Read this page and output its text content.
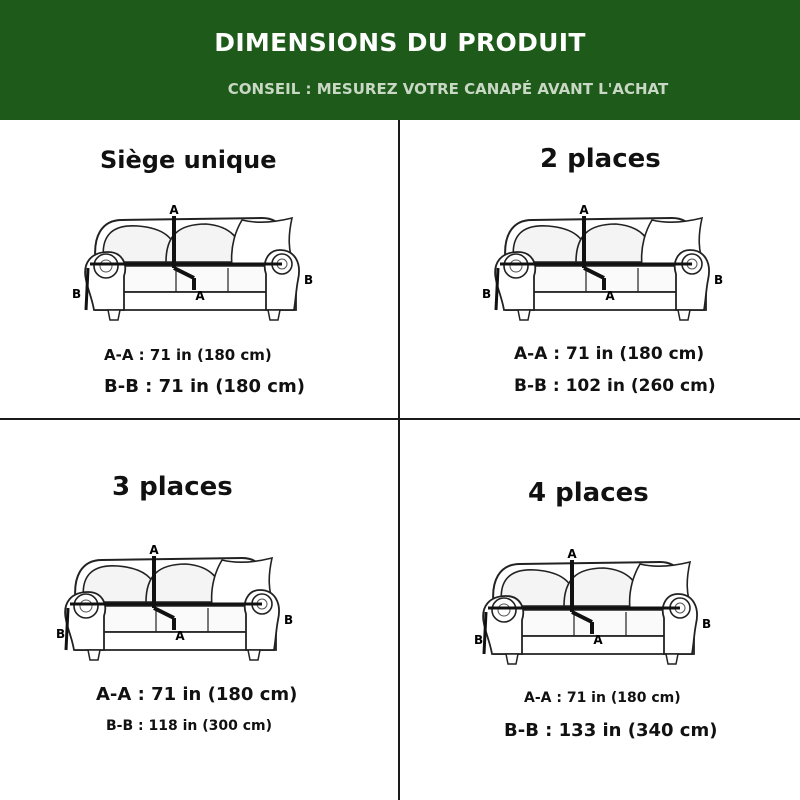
DIMENSIONS DU PRODUIT
CONSEIL : MESUREZ VOTRE CANAPÉ AVANT L'ACHAT
Siège unique
A
A
B
B
A-A : 71 in (180 cm)
B-B : 71 in (180 cm)
2 places
A
A
B
B
A-A : 71 in (180 cm)
B-B : 102 in (260 cm)
3 places
A
A
B
B
A-A : 71 in (180 cm)
B-B : 118 in (300 cm)
4 places
A
A
B
B
A-A : 71 in (180 cm)
B-B : 133 in (340 cm)
